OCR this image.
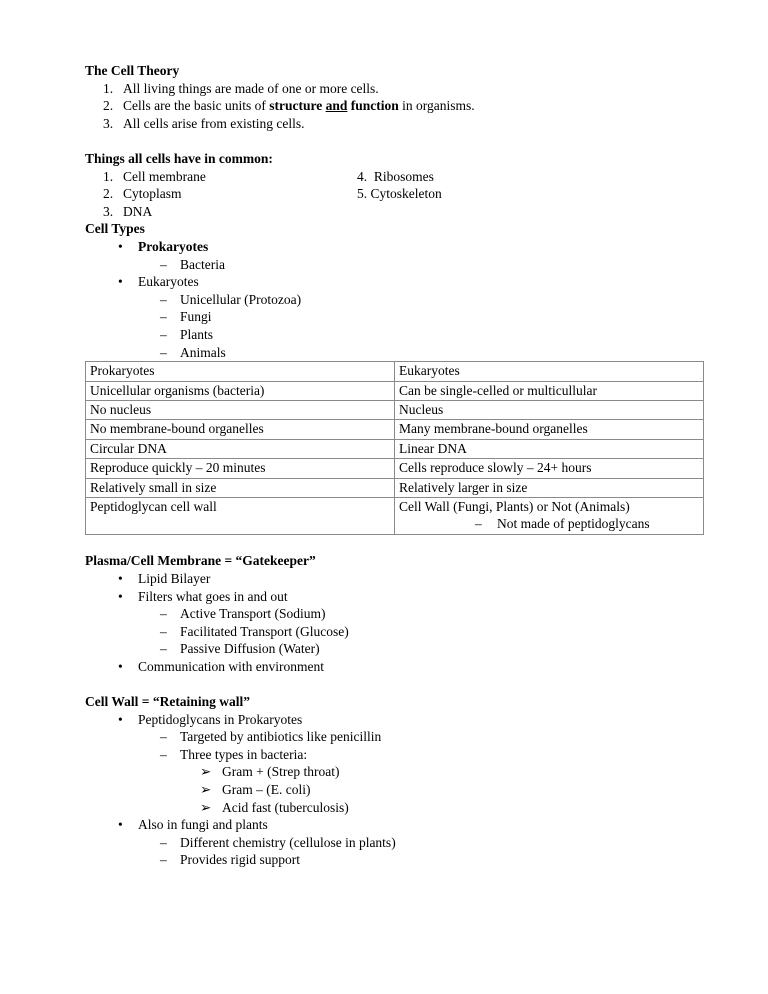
The Cell Theory
1. All living things are made of one or more cells.
2. Cells are the basic units of structure and function in organisms.
3. All cells arise from existing cells.
Things all cells have in common:
1. Cell membrane
2. Cytoplasm
3. DNA
4. Ribosomes
5. Cytoskeleton
Cell Types
•	Prokaryotes
– Bacteria
•	Eukaryotes
– Unicellular (Protozoa)
– Fungi
– Plants
– Animals
Prokaryotes	Eukaryotes
Unicellular organisms (bacteria)	Can be single-celled or multicullular
No nucleus	Nucleus
No membrane-bound organelles	Many membrane-bound organelles
Circular DNA	Linear DNA
Reproduce quickly – 20 minutes	Cells reproduce slowly – 24+ hours
Relatively small in size	Relatively larger in size
Peptidoglycan cell wall	Cell Wall (Fungi, Plants) or Not (Animals)
– Not made of peptidoglycans
Plasma/Cell Membrane = “Gatekeeper”
•	Lipid Bilayer
•	Filters what goes in and out
– Active Transport (Sodium)
– Facilitated Transport (Glucose)
– Passive Diffusion (Water)
•	Communication with environment
Cell Wall = “Retaining wall”
•	Peptidoglycans in Prokaryotes
– Targeted by antibiotics like penicillin
– Three types in bacteria:
➢ Gram + (Strep throat)
➢ Gram – (E. coli)
➢ Acid fast (tuberculosis)
•	Also in fungi and plants
– Different chemistry (cellulose in plants)
– Provides rigid support
